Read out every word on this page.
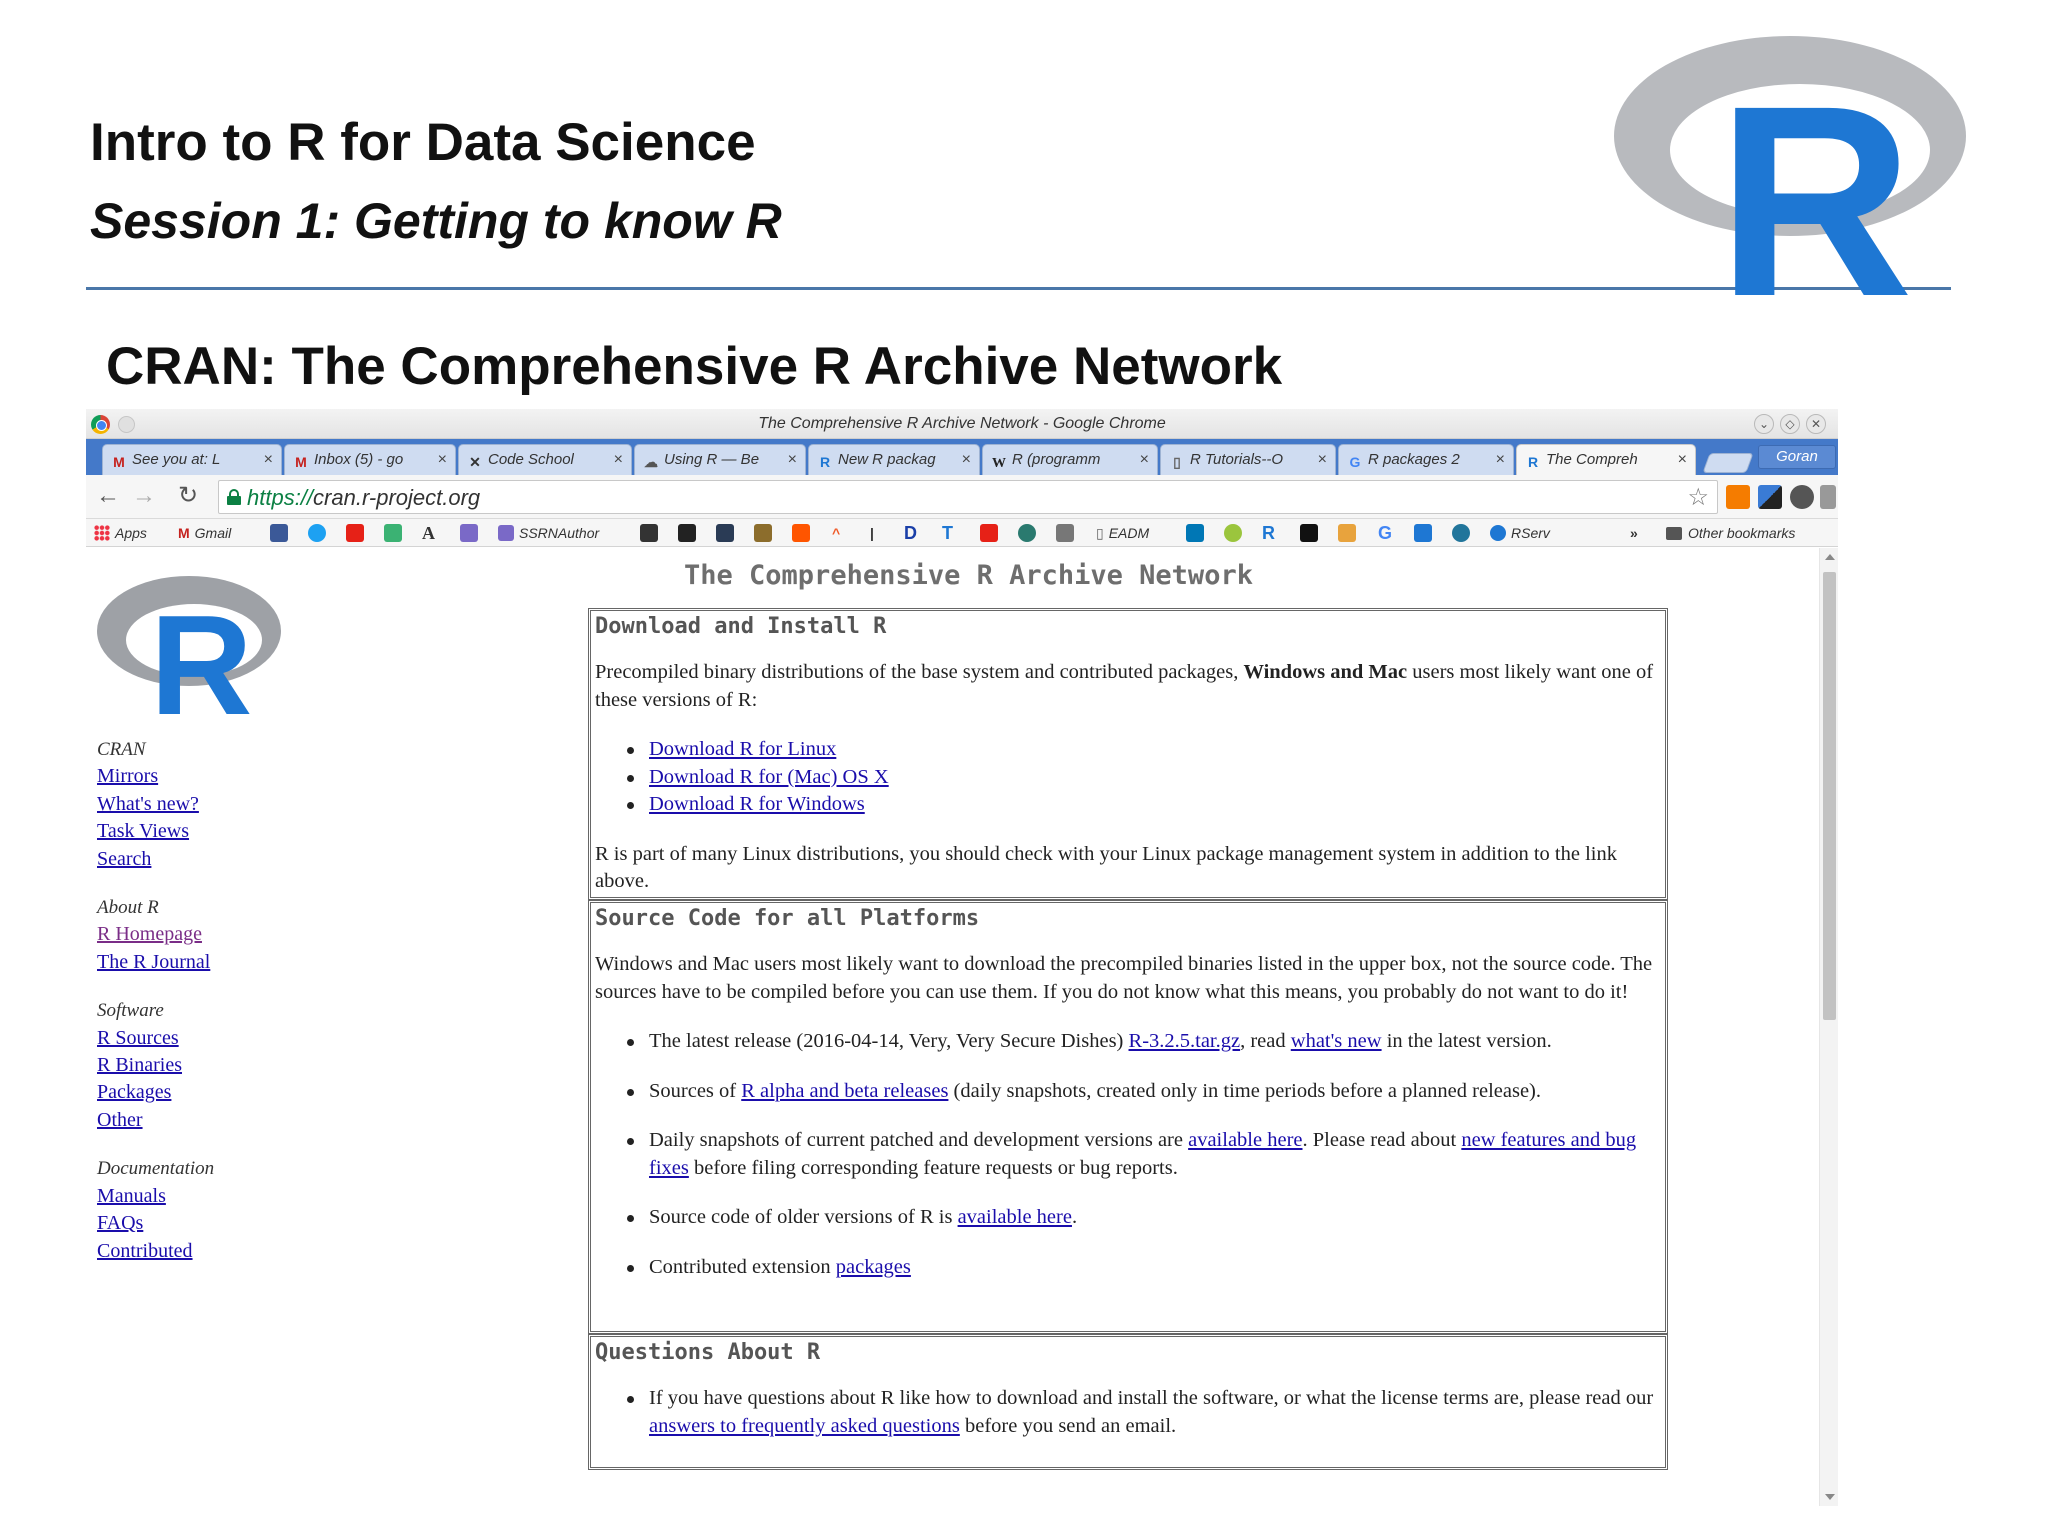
Intro to R for Data Science
Session 1: Getting to know R
CRAN: The Comprehensive R Archive Network
R
The Comprehensive R Archive Network - Google Chrome	⌄	◇	✕
M See you at: L	×	M Inbox (5) - go ×	✕ Code School ×	☁ Using R — Be ×	R New R packag ×	W R (programm ×	▯ R Tutorials--O ×	G R packages 2 ×	R The Compreh ×	Goran
← → ↻ https://cran.r-project.org	☆
Apps M Gmail	A	SSRNAuthor	^ | D T	▯ EADM	R	G	RServ	»	Other bookmarks
The Comprehensive R Archive Network
R
CRAN
Mirrors
What's new?
Task Views
Search
About R
R Homepage
The R Journal
Software
R Sources
R Binaries
Packages
Other
Documentation
Manuals
FAQs
Contributed
Download and Install R

Precompiled binary distributions of the base system and contributed packages, Windows and Mac users most likely want one of these versions of R:

Download R for Linux
Download R for (Mac) OS X
Download R for Windows

R is part of many Linux distributions, you should check with your Linux package management system in addition to the link above.

Source Code for all Platforms

Windows and Mac users most likely want to download the precompiled binaries listed in the upper box, not the source code. The sources have to be compiled before you can use them. If you do not know what this means, you probably do not want to do it!

The latest release (2016-04-14, Very, Very Secure Dishes) R-3.2.5.tar.gz, read what's new in the latest version.
Sources of R alpha and beta releases (daily snapshots, created only in time periods before a planned release).
Daily snapshots of current patched and development versions are available here. Please read about new features and bug fixes before filing corresponding feature requests or bug reports.
Source code of older versions of R is available here.
Contributed extension packages
Questions About R
If you have questions about R like how to download and install the software, or what the license terms are, please read our answers to frequently asked questions before you send an email.
